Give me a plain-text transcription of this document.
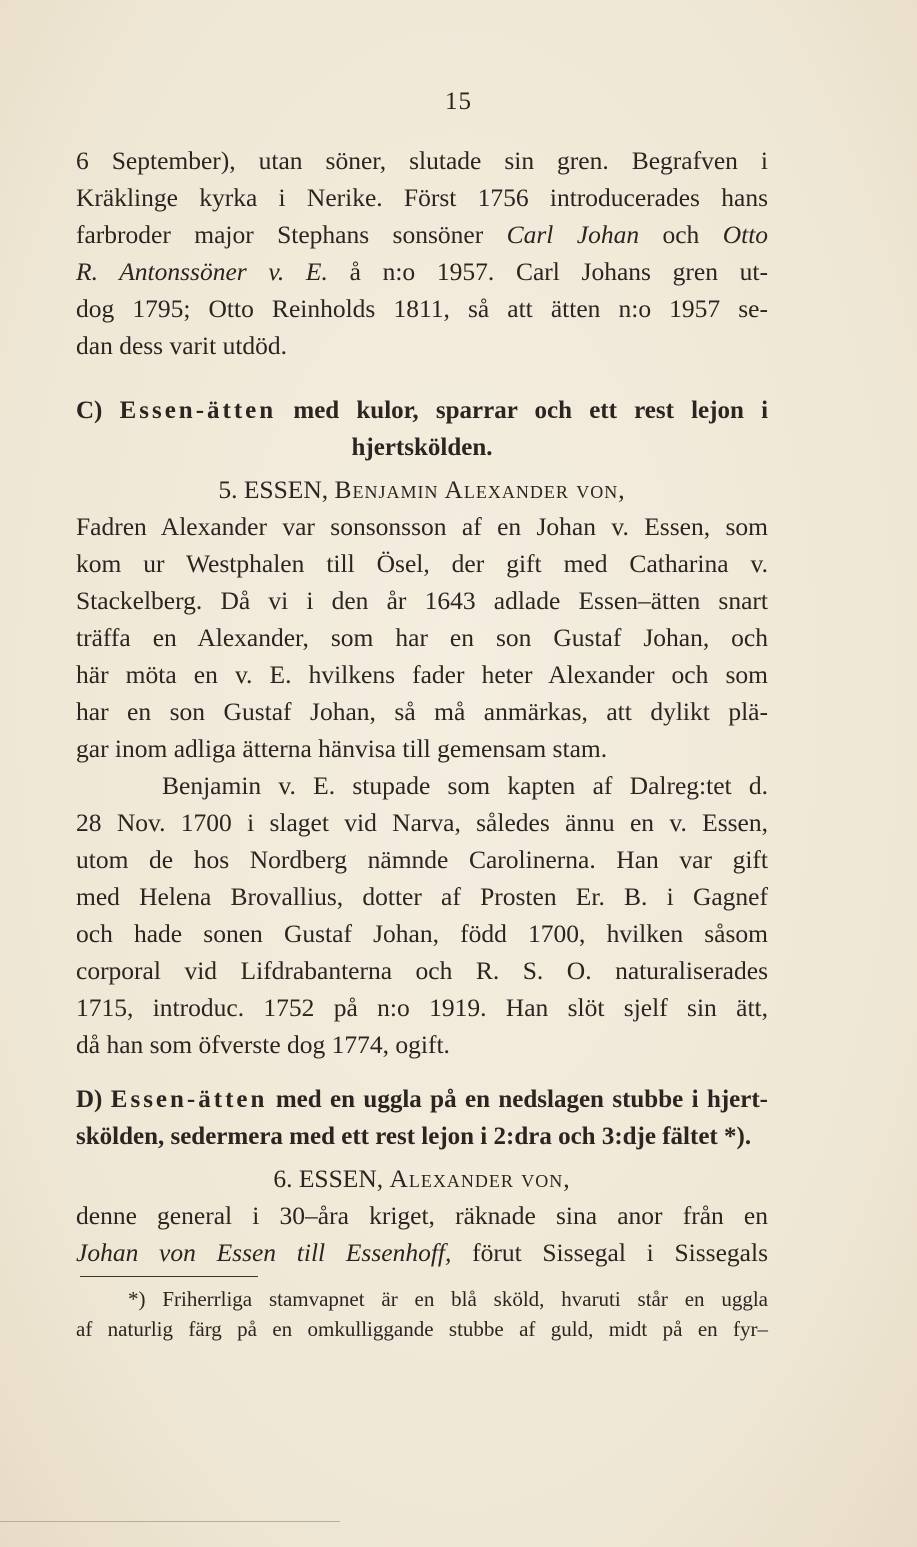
15
6 September), utan söner, slutade sin gren. Begrafven i
Kräklinge kyrka i Nerike. Först 1756 introducerades hans
farbroder major Stephans sonsöner Carl Johan och Otto
R. Antonssöner v. E. å n:o 1957. Carl Johans gren ut-
dog 1795; Otto Reinholds 1811, så att ätten n:o 1957 se-
dan dess varit utdöd.
C) Essen-ätten med kulor, sparrar och ett rest lejon i
hjertskölden.
5. ESSEN, Benjamin Alexander von,
Fadren Alexander var sonsonsson af en Johan v. Essen, som
kom ur Westphalen till Ösel, der gift med Catharina v.
Stackelberg. Då vi i den år 1643 adlade Essen–ätten snart
träffa en Alexander, som har en son Gustaf Johan, och
här möta en v. E. hvilkens fader heter Alexander och som
har en son Gustaf Johan, så må anmärkas, att dylikt plä-
gar inom adliga ätterna hänvisa till gemensam stam.
Benjamin v. E. stupade som kapten af Dalreg:tet d.
28 Nov. 1700 i slaget vid Narva, således ännu en v. Essen,
utom de hos Nordberg nämnde Carolinerna. Han var gift
med Helena Brovallius, dotter af Prosten Er. B. i Gagnef
och hade sonen Gustaf Johan, född 1700, hvilken såsom
corporal vid Lifdrabanterna och R. S. O. naturaliserades
1715, introduc. 1752 på n:o 1919. Han slöt sjelf sin ätt,
då han som öfverste dog 1774, ogift.
D) Essen-ätten med en uggla på en nedslagen stubbe i hjert-
skölden, sedermera med ett rest lejon i 2:dra och 3:dje fältet *).
6. ESSEN, Alexander von,
denne general i 30–åra kriget, räknade sina anor från en
Johan von Essen till Essenhoff, förut Sissegal i Sissegals
*) Friherrliga stamvapnet är en blå sköld, hvaruti står en uggla
af naturlig färg på en omkulliggande stubbe af guld, midt på en fyr–
